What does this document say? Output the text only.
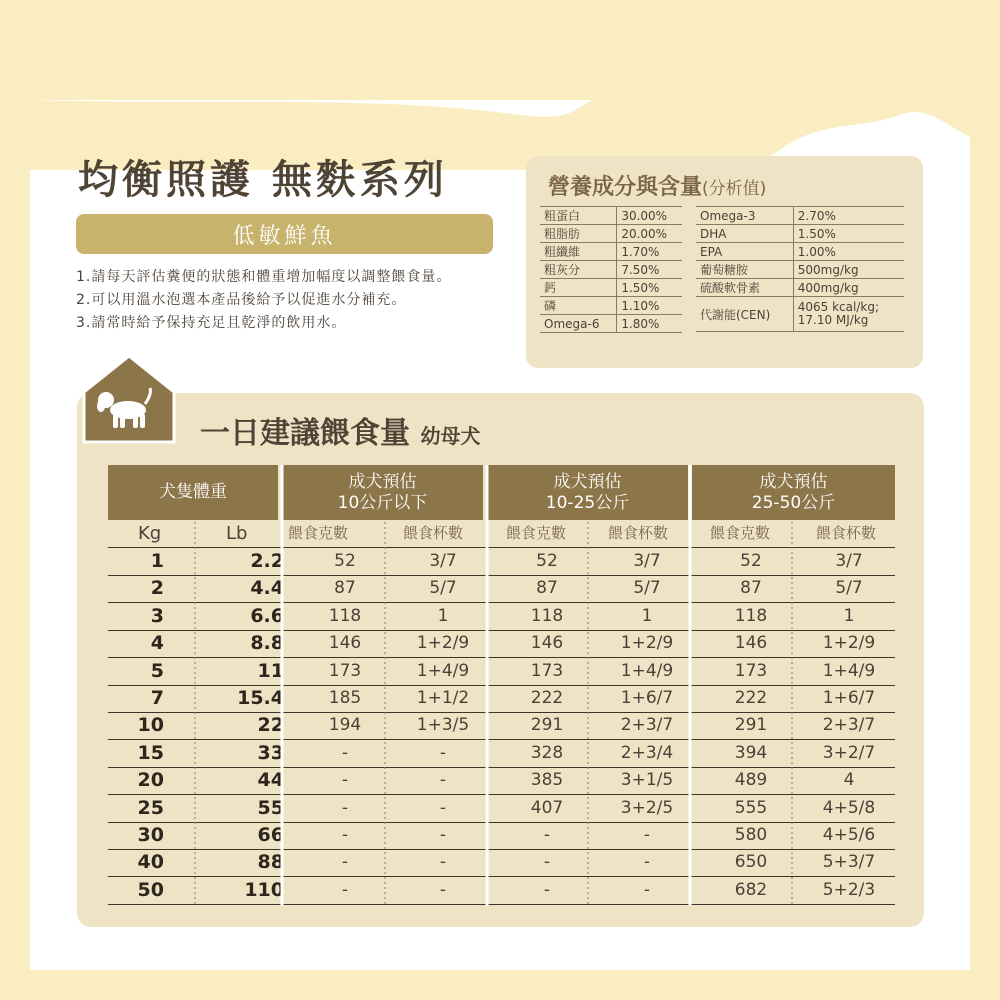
均衡照護 無麩系列
低敏鮮魚
1.請每天評估糞便的狀態和體重增加幅度以調整餵食量。
2.可以用溫水泡選本產品後給予以促進水分補充。
3.請常時給予保持充足且乾淨的飲用水。
營養成分與含量(分析值)
粗蛋白	30.00%
粗脂肪	20.00%
粗纖維	1.70%
粗灰分	7.50%
鈣	1.50%
磷	1.10%
Omega-6	1.80%
Omega-3	2.70%
DHA	1.50%
EPA	1.00%
葡萄糖胺	500mg/kg
硫酸軟骨素	400mg/kg
代謝能(CEN)	4065 kcal/kg;
17.10 MJ/kg
一日建議餵食量 幼母犬
犬隻體重
成犬預估
10公斤以下
成犬預估
10-25公斤
成犬預估
25-50公斤
Kg	Lb	餵食克數	餵食杯數	餵食克數	餵食杯數	餵食克數	餵食杯數
1	2.2	52	3/7	52	3/7	52	3/7
2	4.4	87	5/7	87	5/7	87	5/7
3	6.6	118	1	118	1	118	1
4	8.8	146	1+2/9	146	1+2/9	146	1+2/9
5	11	173	1+4/9	173	1+4/9	173	1+4/9
7	15.4	185	1+1/2	222	1+6/7	222	1+6/7
10	22	194	1+3/5	291	2+3/7	291	2+3/7
15	33	-	-	328	2+3/4	394	3+2/7
20	44	-	-	385	3+1/5	489	4
25	55	-	-	407	3+2/5	555	4+5/8
30	66	-	-	-	-	580	4+5/6
40	88	-	-	-	-	650	5+3/7
50	110	-	-	-	-	682	5+2/3
